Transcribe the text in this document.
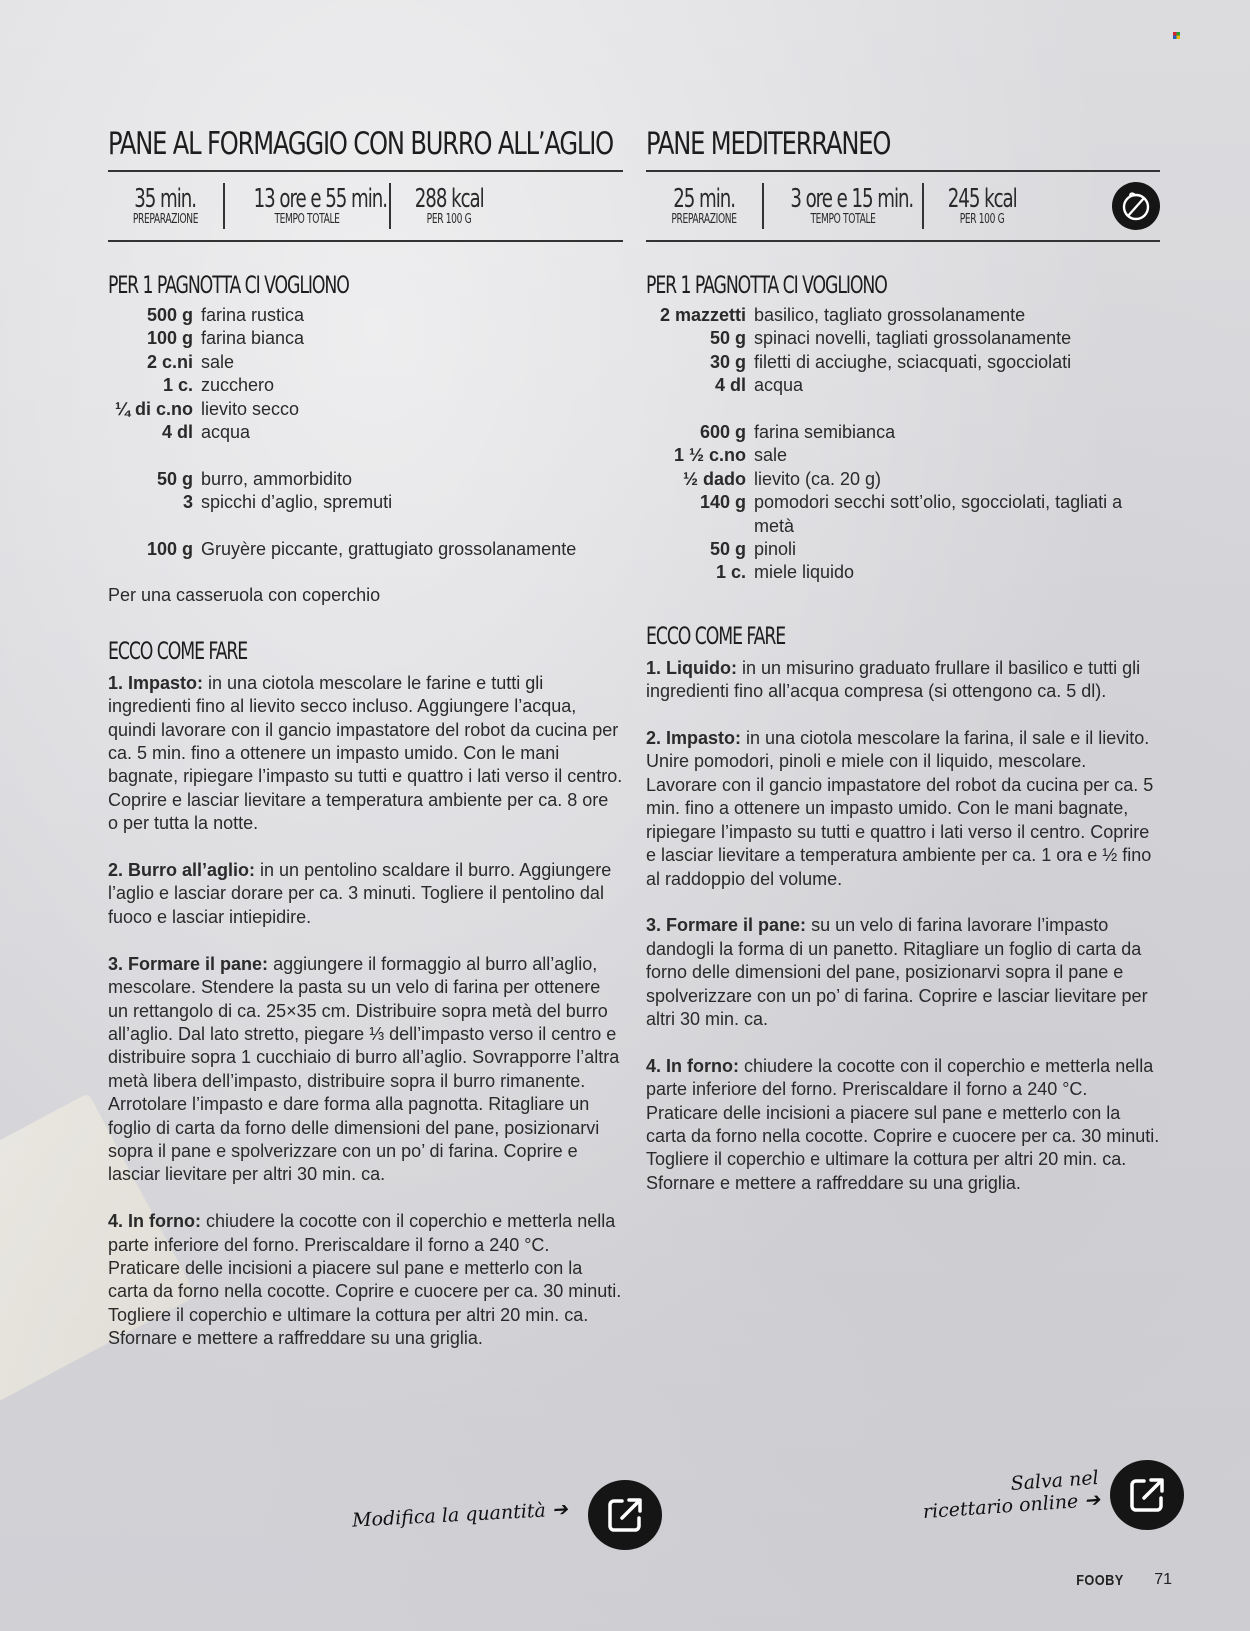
PANE AL FORMAGGIO CON BURRO ALL’AGLIO
35 min.
PREPARAZIONE
13 ore e 55 min.
TEMPO TOTALE
288 kcal
PER 100 G
PER 1 PAGNOTTA CI VOGLIONO
500 g farina rustica
100 g farina bianca
2 c.ni sale
1 c. zucchero
¼ di c.no lievito secco
4 dl acqua
50 g burro, ammorbidito
3 spicchi d’aglio, spremuti
100 g Gruyère piccante, grattugiato grossolanamente

Per una casseruola con coperchio

ECCO COME FARE

1. Impasto: in una ciotola mescolare le farine e tutti gli ingredienti fino al lievito secco incluso. Aggiungere l’acqua, quindi lavorare con il gancio impastatore del robot da cucina per ca. 5 min. fino a ottenere un impasto umido. Con le mani bagnate, ripiegare l’impasto su tutti e quattro i lati verso il centro. Coprire e lasciar lievitare a temperatura ambiente per ca. 8 ore o per tutta la notte.

2. Burro all’aglio: in un pentolino scaldare il burro. Aggiungere l’aglio e lasciar dorare per ca. 3 minuti. Togliere il pentolino dal fuoco e lasciar intiepidire.

3. Formare il pane: aggiungere il formaggio al burro all’aglio, mescolare. Stendere la pasta su un velo di farina per ottenere un rettangolo di ca. 25×35 cm. Distribuire sopra metà del burro all’aglio. Dal lato stretto, piegare ⅓ dell’impasto verso il centro e distribuire sopra 1 cucchiaio di burro all’aglio. Sovrapporre l’altra metà libera dell’impasto, distribuire sopra il burro rimanente. Arrotolare l’impasto e dare forma alla pagnotta. Ritagliare un foglio di carta da forno delle dimensioni del pane, posizionarvi sopra il pane e spolverizzare con un po’ di farina. Coprire e lasciar lievitare per altri 30 min. ca.

4. In forno: chiudere la cocotte con il coperchio e metterla nella parte inferiore del forno. Preriscaldare il forno a 240 °C. Praticare delle incisioni a piacere sul pane e metterlo con la carta da forno nella cocotte. Coprire e cuocere per ca. 30 minuti. Togliere il coperchio e ultimare la cottura per altri 20 min. ca. Sfornare e mettere a raffreddare su una griglia.

PANE MEDITERRANEO
25 min.
PREPARAZIONE
3 ore e 15 min.
TEMPO TOTALE
245 kcal
PER 100 G
PER 1 PAGNOTTA CI VOGLIONO
2 mazzetti basilico, tagliato grossolanamente
50 g spinaci novelli, tagliati grossolanamente
30 g filetti di acciughe, sciacquati, sgocciolati
4 dl acqua
600 g farina semibianca
1 ½ c.no sale
½ dado lievito (ca. 20 g)
140 g pomodori secchi sott’olio, sgocciolati, tagliati a metà
50 g pinoli
1 c. miele liquido
ECCO COME FARE

1. Liquido: in un misurino graduato frullare il basilico e tutti gli ingredienti fino all’acqua compresa (si ottengono ca. 5 dl).

2. Impasto: in una ciotola mescolare la farina, il sale e il lievito. Unire pomodori, pinoli e miele con il liquido, mescolare. Lavorare con il gancio impastatore del robot da cucina per ca. 5 min. fino a ottenere un impasto umido. Con le mani bagnate, ripiegare l’impasto su tutti e quattro i lati verso il centro. Coprire e lasciar lievitare a temperatura ambiente per ca. 1 ora e ½ fino al raddoppio del volume.

3. Formare il pane: su un velo di farina lavorare l’impasto dandogli la forma di un panetto. Ritagliare un foglio di carta da forno delle dimensioni del pane, posizionarvi sopra il pane e spolverizzare con un po’ di farina. Coprire e lasciar lievitare per altri 30 min. ca.

4. In forno: chiudere la cocotte con il coperchio e metterla nella parte inferiore del forno. Preriscaldare il forno a 240 °C. Praticare delle incisioni a piacere sul pane e metterlo con la carta da forno nella cocotte. Coprire e cuocere per ca. 30 minuti. Togliere il coperchio e ultimare la cottura per altri 20 min. ca. Sfornare e mettere a raffreddare su una griglia.

Modifica la quantità ➔
Salva nel
ricettario online ➔
FOOBY 71
